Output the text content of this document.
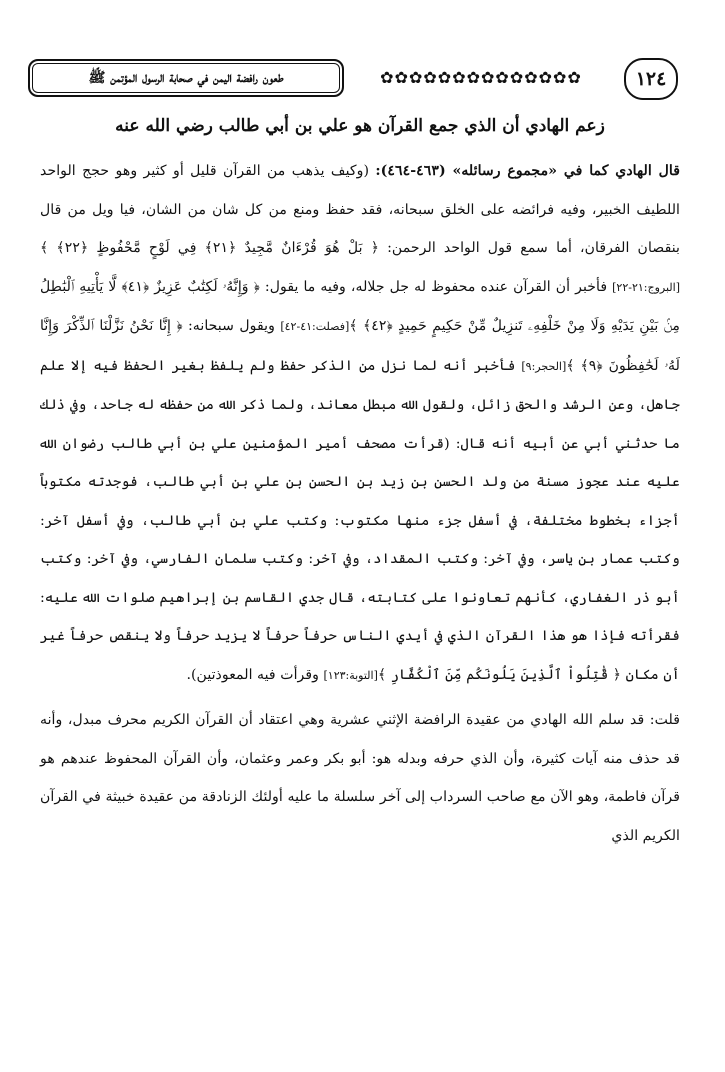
طعون رافضة اليمن في صحابة الرسول المؤتمن ﷺ	✿✿✿✿✿✿✿✿✿✿✿✿✿✿	١٢٤
زعم الهادي أن الذي جمع القرآن هو علي بن أبي طالب رضي الله عنه

قال الهادي كما في «مجموع رسائله» (٤٦٣-٤٦٤): (وكيف يذهب من القرآن قليل أو كثير وهو حجج الواحد اللطيف الخبير، وفيه فرائضه على الخلق سبحانه، فقد حفظ ومنع من كل شان من الشان، فيا ويل من قال بنقصان الفرقان، أما سمع قول الواحد الرحمن: ﴿ بَلْ هُوَ قُرْءَانٌ مَّجِيدٌ ﴿٢١﴾ فِي لَوْحٍ مَّحْفُوظٍ ﴿٢٢﴾ ﴾[البروج:٢١-٢٢] فأخبر أن القرآن عنده محفوظ له جل جلاله، وفيه ما يقول: ﴿ وَإِنَّهُۥ لَكِتَٰبٌ عَزِيزٌ ﴿٤١﴾ لَّا يَأْتِيهِ ٱلْبَٰطِلُ مِنۢ بَيْنِ يَدَيْهِ وَلَا مِنْ خَلْفِهِۦ تَنزِيلٌ مِّنْ حَكِيمٍ حَمِيدٍ ﴿٤٢﴾ ﴾[فصلت:٤١-٤٢] ويقول سبحانه: ﴿ إِنَّا نَحْنُ نَزَّلْنَا ٱلذِّكْرَ وَإِنَّا لَهُۥ لَحَٰفِظُونَ ﴿٩﴾ ﴾[الحجر:٩] فأخبر أنه لما نزل من الذكر حفظ ولم يلفظ بغير الحفظ فيه إلا علم جاهل، وعن الرشد والحق زائل، ولقول الله مبطل معاند، ولما ذكر الله من حفظه له جاحد، وفي ذلك ما حدثني أبي عن أبيه أنه قال: (قرأت مصحف أمير المؤمنين علي بن أبي طالب رضوان الله عليه عند عجوز مسنة من ولد الحسن بن زيد بن الحسن بن علي بن أبي طالب، فوجدته مكتوباً أجزاء بخطوط مختلفة، في أسفل جزء منها مكتوب: وكتب علي بن أبي طالب، وفي أسفل آخر: وكتب عمار بن ياسر، وفي آخر: وكتب المقداد، وفي آخر: وكتب سلمان الفارسي، وفي آخر: وكتب أبو ذر الغفاري، كأنهم تعاونوا على كتابته، قال جدي القاسم بن إبراهيم صلوات الله عليه: فقرأته فإذا هو هذا القرآن الذي في أيدي الناس حرفاً حرفاً لا يزيد حرفاً ولا ينقص حرفاً غير أن مكان ﴿ قَٰتِلُواْ ٱلَّذِينَ يَلُونَكُم مِّنَ ٱلْكُفَّارِ ﴾[التوبة:١٢٣] وقرأت فيه المعوذتين).

قلت: قد سلم الله الهادي من عقيدة الرافضة الإثني عشرية وهي اعتقاد أن القرآن الكريم محرف مبدل، وأنه قد حذف منه آيات كثيرة، وأن الذي حرفه وبدله هو: أبو بكر وعمر وعثمان، وأن القرآن المحفوظ عندهم هو قرآن فاطمة، وهو الآن مع صاحب السرداب إلى آخر سلسلة ما عليه أولئك الزنادقة من عقيدة خبيثة في القرآن الكريم الذي
